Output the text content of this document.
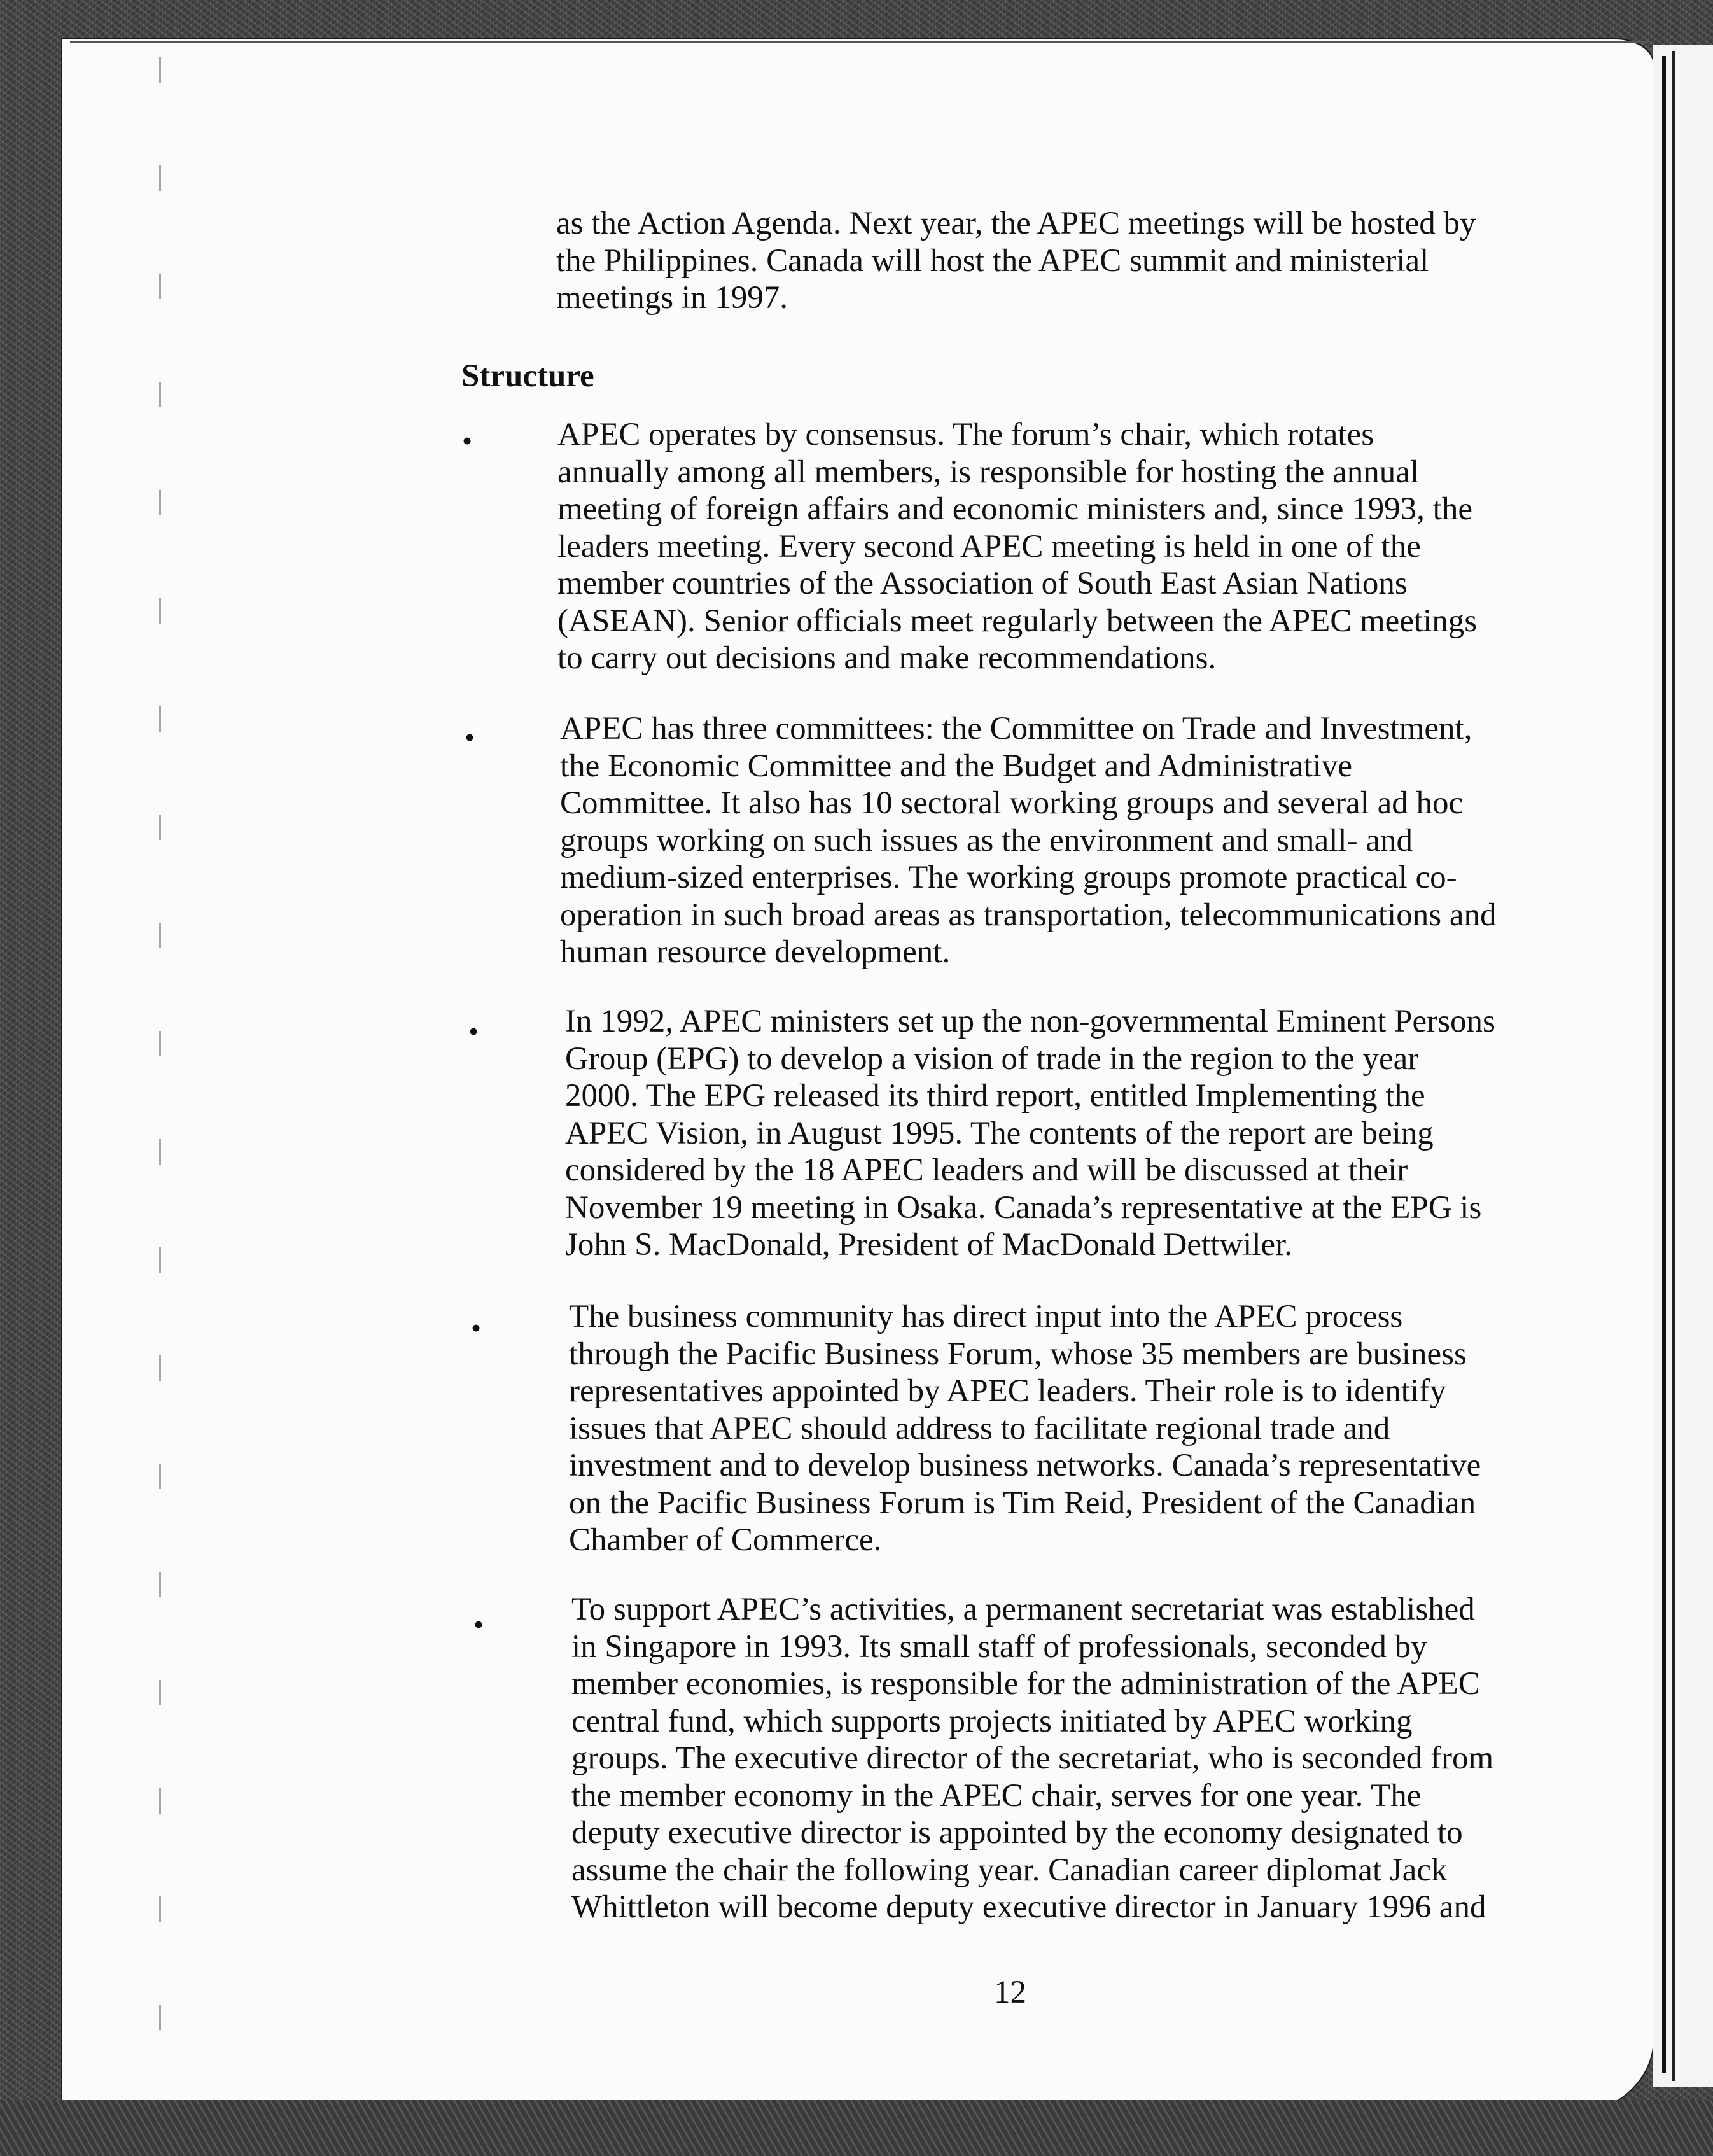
as the Action Agenda. Next year, the APEC meetings will be hosted by
the Philippines. Canada will host the APEC summit and ministerial
meetings in 1997.
Structure
•	APEC operates by consensus. The forum’s chair, which rotates
annually among all members, is responsible for hosting the annual
meeting of foreign affairs and economic ministers and, since 1993, the
leaders meeting. Every second APEC meeting is held in one of the
member countries of the Association of South East Asian Nations
(ASEAN). Senior officials meet regularly between the APEC meetings
to carry out decisions and make recommendations.
•	APEC has three committees: the Committee on Trade and Investment,
the Economic Committee and the Budget and Administrative
Committee. It also has 10 sectoral working groups and several ad hoc
groups working on such issues as the environment and small- and
medium-sized enterprises. The working groups promote practical co-
operation in such broad areas as transportation, telecommunications and
human resource development.
•	In 1992, APEC ministers set up the non-governmental Eminent Persons
Group (EPG) to develop a vision of trade in the region to the year
2000. The EPG released its third report, entitled Implementing the
APEC Vision, in August 1995. The contents of the report are being
considered by the 18 APEC leaders and will be discussed at their
November 19 meeting in Osaka. Canada’s representative at the EPG is
John S. MacDonald, President of MacDonald Dettwiler.
•	The business community has direct input into the APEC process
through the Pacific Business Forum, whose 35 members are business
representatives appointed by APEC leaders. Their role is to identify
issues that APEC should address to facilitate regional trade and
investment and to develop business networks. Canada’s representative
on the Pacific Business Forum is Tim Reid, President of the Canadian
Chamber of Commerce.
•	To support APEC’s activities, a permanent secretariat was established
in Singapore in 1993. Its small staff of professionals, seconded by
member economies, is responsible for the administration of the APEC
central fund, which supports projects initiated by APEC working
groups. The executive director of the secretariat, who is seconded from
the member economy in the APEC chair, serves for one year. The
deputy executive director is appointed by the economy designated to
assume the chair the following year. Canadian career diplomat Jack
Whittleton will become deputy executive director in January 1996 and
12
